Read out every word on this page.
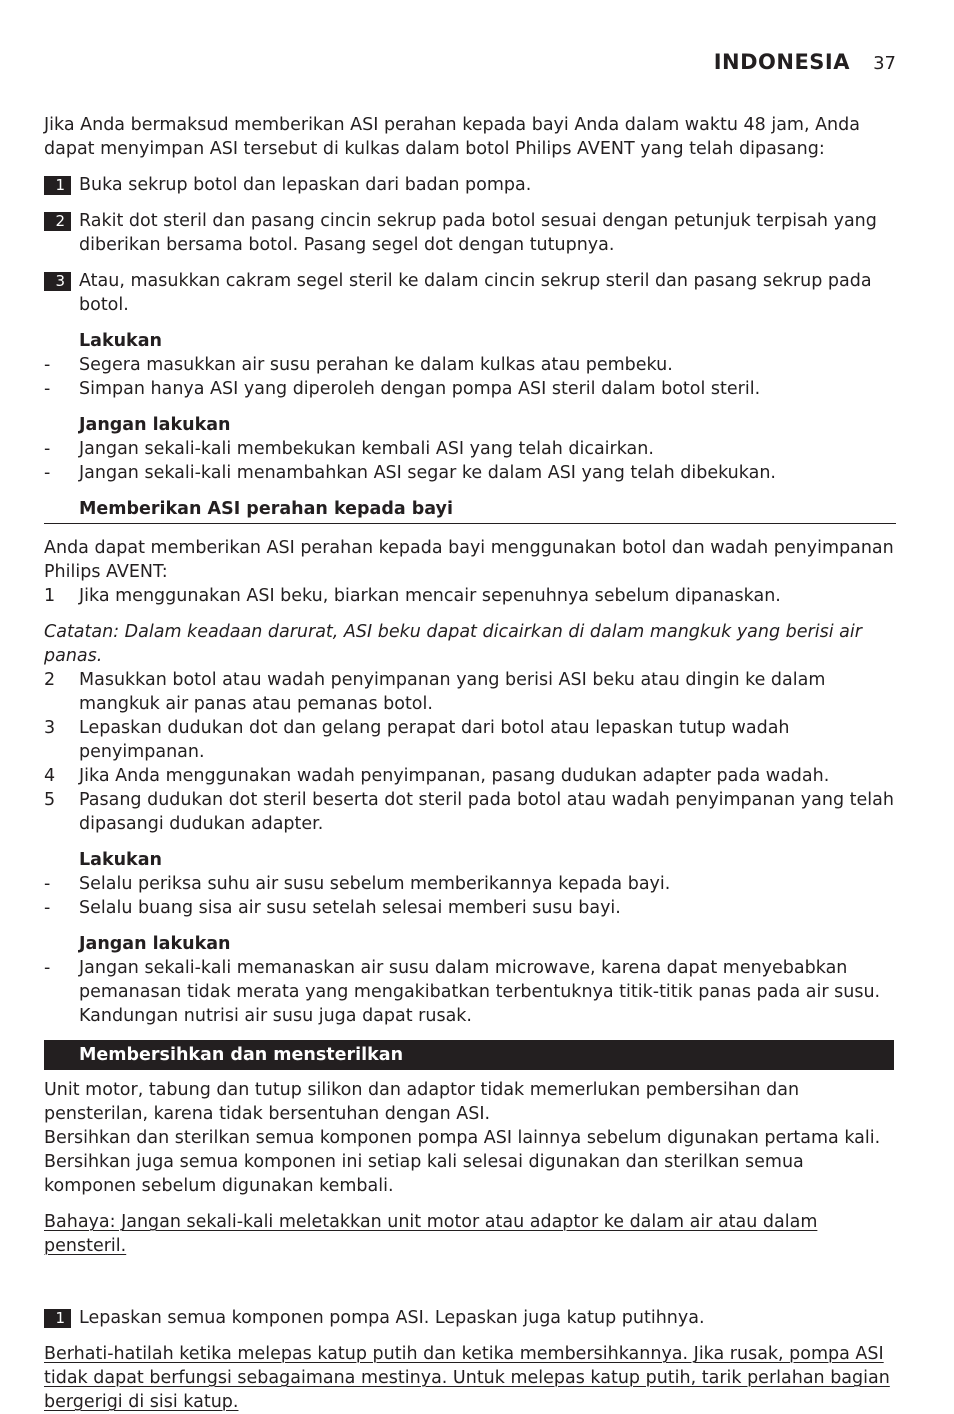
INDONESIA 37

Jika Anda bermaksud memberikan ASI perahan kepada bayi Anda dalam waktu 48 jam, Anda dapat menyimpan ASI tersebut di kulkas dalam botol Philips AVENT yang telah dipasang:

1 Buka sekrup botol dan lepaskan dari badan pompa.
2 Rakit dot steril dan pasang cincin sekrup pada botol sesuai dengan petunjuk terpisah yang diberikan bersama botol. Pasang segel dot dengan tutupnya.
3 Atau, masukkan cakram segel steril ke dalam cincin sekrup steril dan pasang sekrup pada botol.

Lakukan

- Segera masukkan air susu perahan ke dalam kulkas atau pembeku.
- Simpan hanya ASI yang diperoleh dengan pompa ASI steril dalam botol steril.

Jangan lakukan

- Jangan sekali-kali membekukan kembali ASI yang telah dicairkan.
- Jangan sekali-kali menambahkan ASI segar ke dalam ASI yang telah dibekukan.

Memberikan ASI perahan kepada bayi

Anda dapat memberikan ASI perahan kepada bayi menggunakan botol dan wadah penyimpanan Philips AVENT:

1 Jika menggunakan ASI beku, biarkan mencair sepenuhnya sebelum dipanaskan.

Catatan: Dalam keadaan darurat, ASI beku dapat dicairkan di dalam mangkuk yang berisi air panas.

2 Masukkan botol atau wadah penyimpanan yang berisi ASI beku atau dingin ke dalam mangkuk air panas atau pemanas botol.
3 Lepaskan dudukan dot dan gelang perapat dari botol atau lepaskan tutup wadah penyimpanan.
4 Jika Anda menggunakan wadah penyimpanan, pasang dudukan adapter pada wadah.
5 Pasang dudukan dot steril beserta dot steril pada botol atau wadah penyimpanan yang telah dipasangi dudukan adapter.

Lakukan

- Selalu periksa suhu air susu sebelum memberikannya kepada bayi.
- Selalu buang sisa air susu setelah selesai memberi susu bayi.

Jangan lakukan

- Jangan sekali-kali memanaskan air susu dalam microwave, karena dapat menyebabkan pemanasan tidak merata yang mengakibatkan terbentuknya titik-titik panas pada air susu. Kandungan nutrisi air susu juga dapat rusak.

Membersihkan dan mensterilkan

Unit motor, tabung dan tutup silikon dan adaptor tidak memerlukan pembersihan dan pensterilan, karena tidak bersentuhan dengan ASI.

Bersihkan dan sterilkan semua komponen pompa ASI lainnya sebelum digunakan pertama kali.

Bersihkan juga semua komponen ini setiap kali selesai digunakan dan sterilkan semua komponen sebelum digunakan kembali.

Bahaya: Jangan sekali-kali meletakkan unit motor atau adaptor ke dalam air atau dalam pensteril.

1 Lepaskan semua komponen pompa ASI. Lepaskan juga katup putihnya.

Berhati-hatilah ketika melepas katup putih dan ketika membersihkannya. Jika rusak, pompa ASI tidak dapat berfungsi sebagaimana mestinya. Untuk melepas katup putih, tarik perlahan bagian bergerigi di sisi katup.
